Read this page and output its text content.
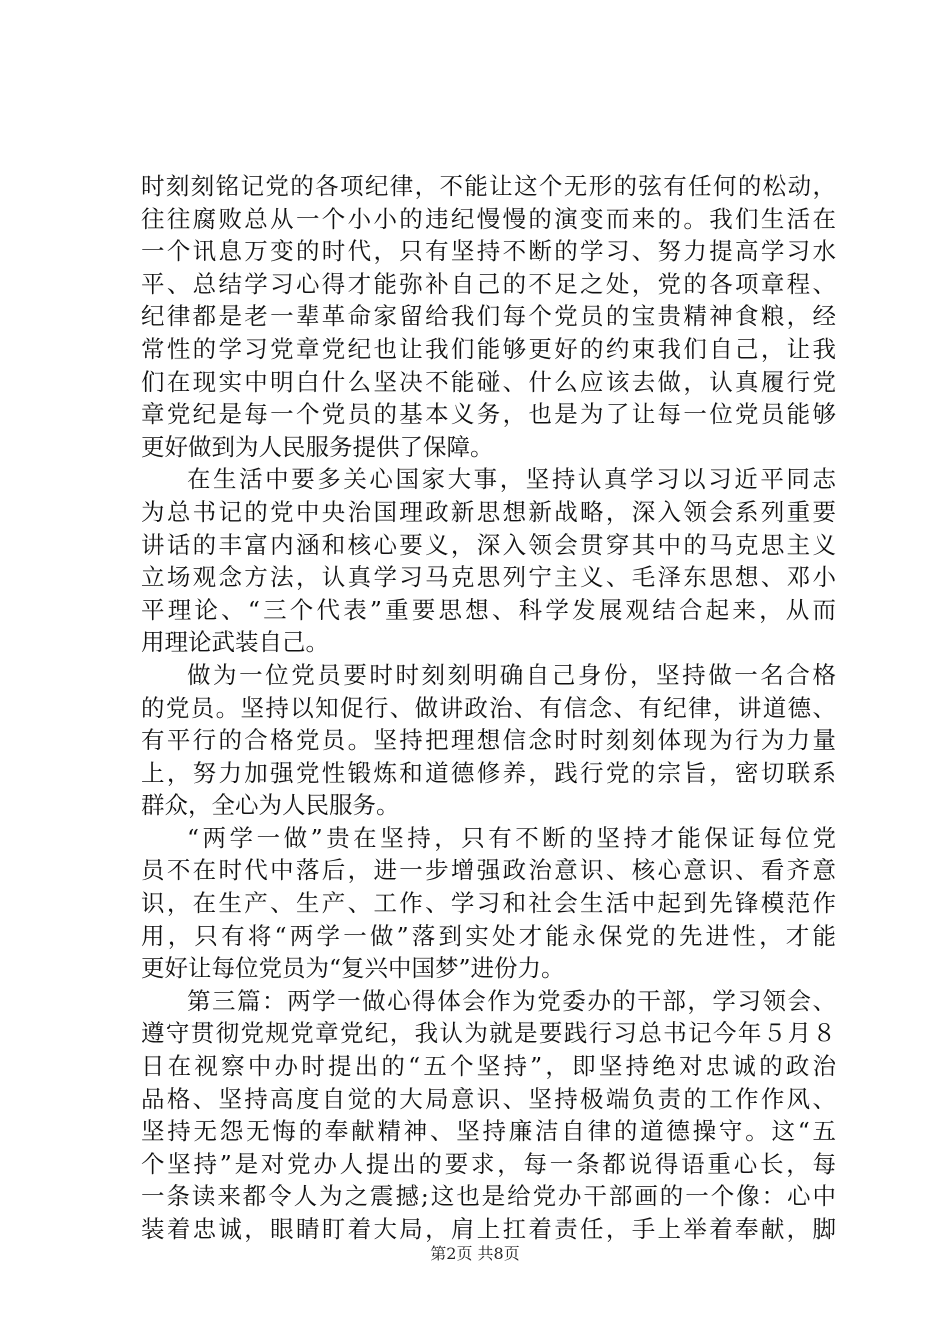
时刻刻铭记党的各项纪律，不能让这个无形的弦有任何的松动，
往往腐败总从一个小小的违纪慢慢的演变而来的。我们生活在
一个讯息万变的时代，只有坚持不断的学习、努力提高学习水
平、总结学习心得才能弥补自己的不足之处，党的各项章程、
纪律都是老一辈革命家留给我们每个党员的宝贵精神食粮，经
常性的学习党章党纪也让我们能够更好的约束我们自己，让我
们在现实中明白什么坚决不能碰、什么应该去做，认真履行党
章党纪是每一个党员的基本义务，也是为了让每一位党员能够
更好做到为人民服务提供了保障。
在生活中要多关心国家大事，坚持认真学习以习近平同志
为总书记的党中央治国理政新思想新战略，深入领会系列重要
讲话的丰富内涵和核心要义，深入领会贯穿其中的马克思主义
立场观念方法，认真学习马克思列宁主义、毛泽东思想、邓小
平理论、“三个代表”重要思想、科学发展观结合起来，从而
用理论武装自己。
做为一位党员要时时刻刻明确自己身份，坚持做一名合格
的党员。坚持以知促行、做讲政治、有信念、有纪律，讲道德、
有平行的合格党员。坚持把理想信念时时刻刻体现为行为力量
上，努力加强党性锻炼和道德修养，践行党的宗旨，密切联系
群众，全心为人民服务。
“两学一做”贵在坚持，只有不断的坚持才能保证每位党
员不在时代中落后，进一步增强政治意识、核心意识、看齐意
识，在生产、生产、工作、学习和社会生活中起到先锋模范作
用，只有将“两学一做”落到实处才能永保党的先进性，才能
更好让每位党员为“复兴中国梦”进份力。
第三篇：两学一做心得体会作为党委办的干部，学习领会、
遵守贯彻党规党章党纪，我认为就是要践行习总书记今年５月８
日在视察中办时提出的“五个坚持”，即坚持绝对忠诚的政治
品格、坚持高度自觉的大局意识、坚持极端负责的工作作风、
坚持无怨无悔的奉献精神、坚持廉洁自律的道德操守。这“五
个坚持”是对党办人提出的要求，每一条都说得语重心长，每
一条读来都令人为之震撼;这也是给党办干部画的一个像：心中
装着忠诚，眼睛盯着大局，肩上扛着责任，手上举着奉献，脚
第2页 共8页
